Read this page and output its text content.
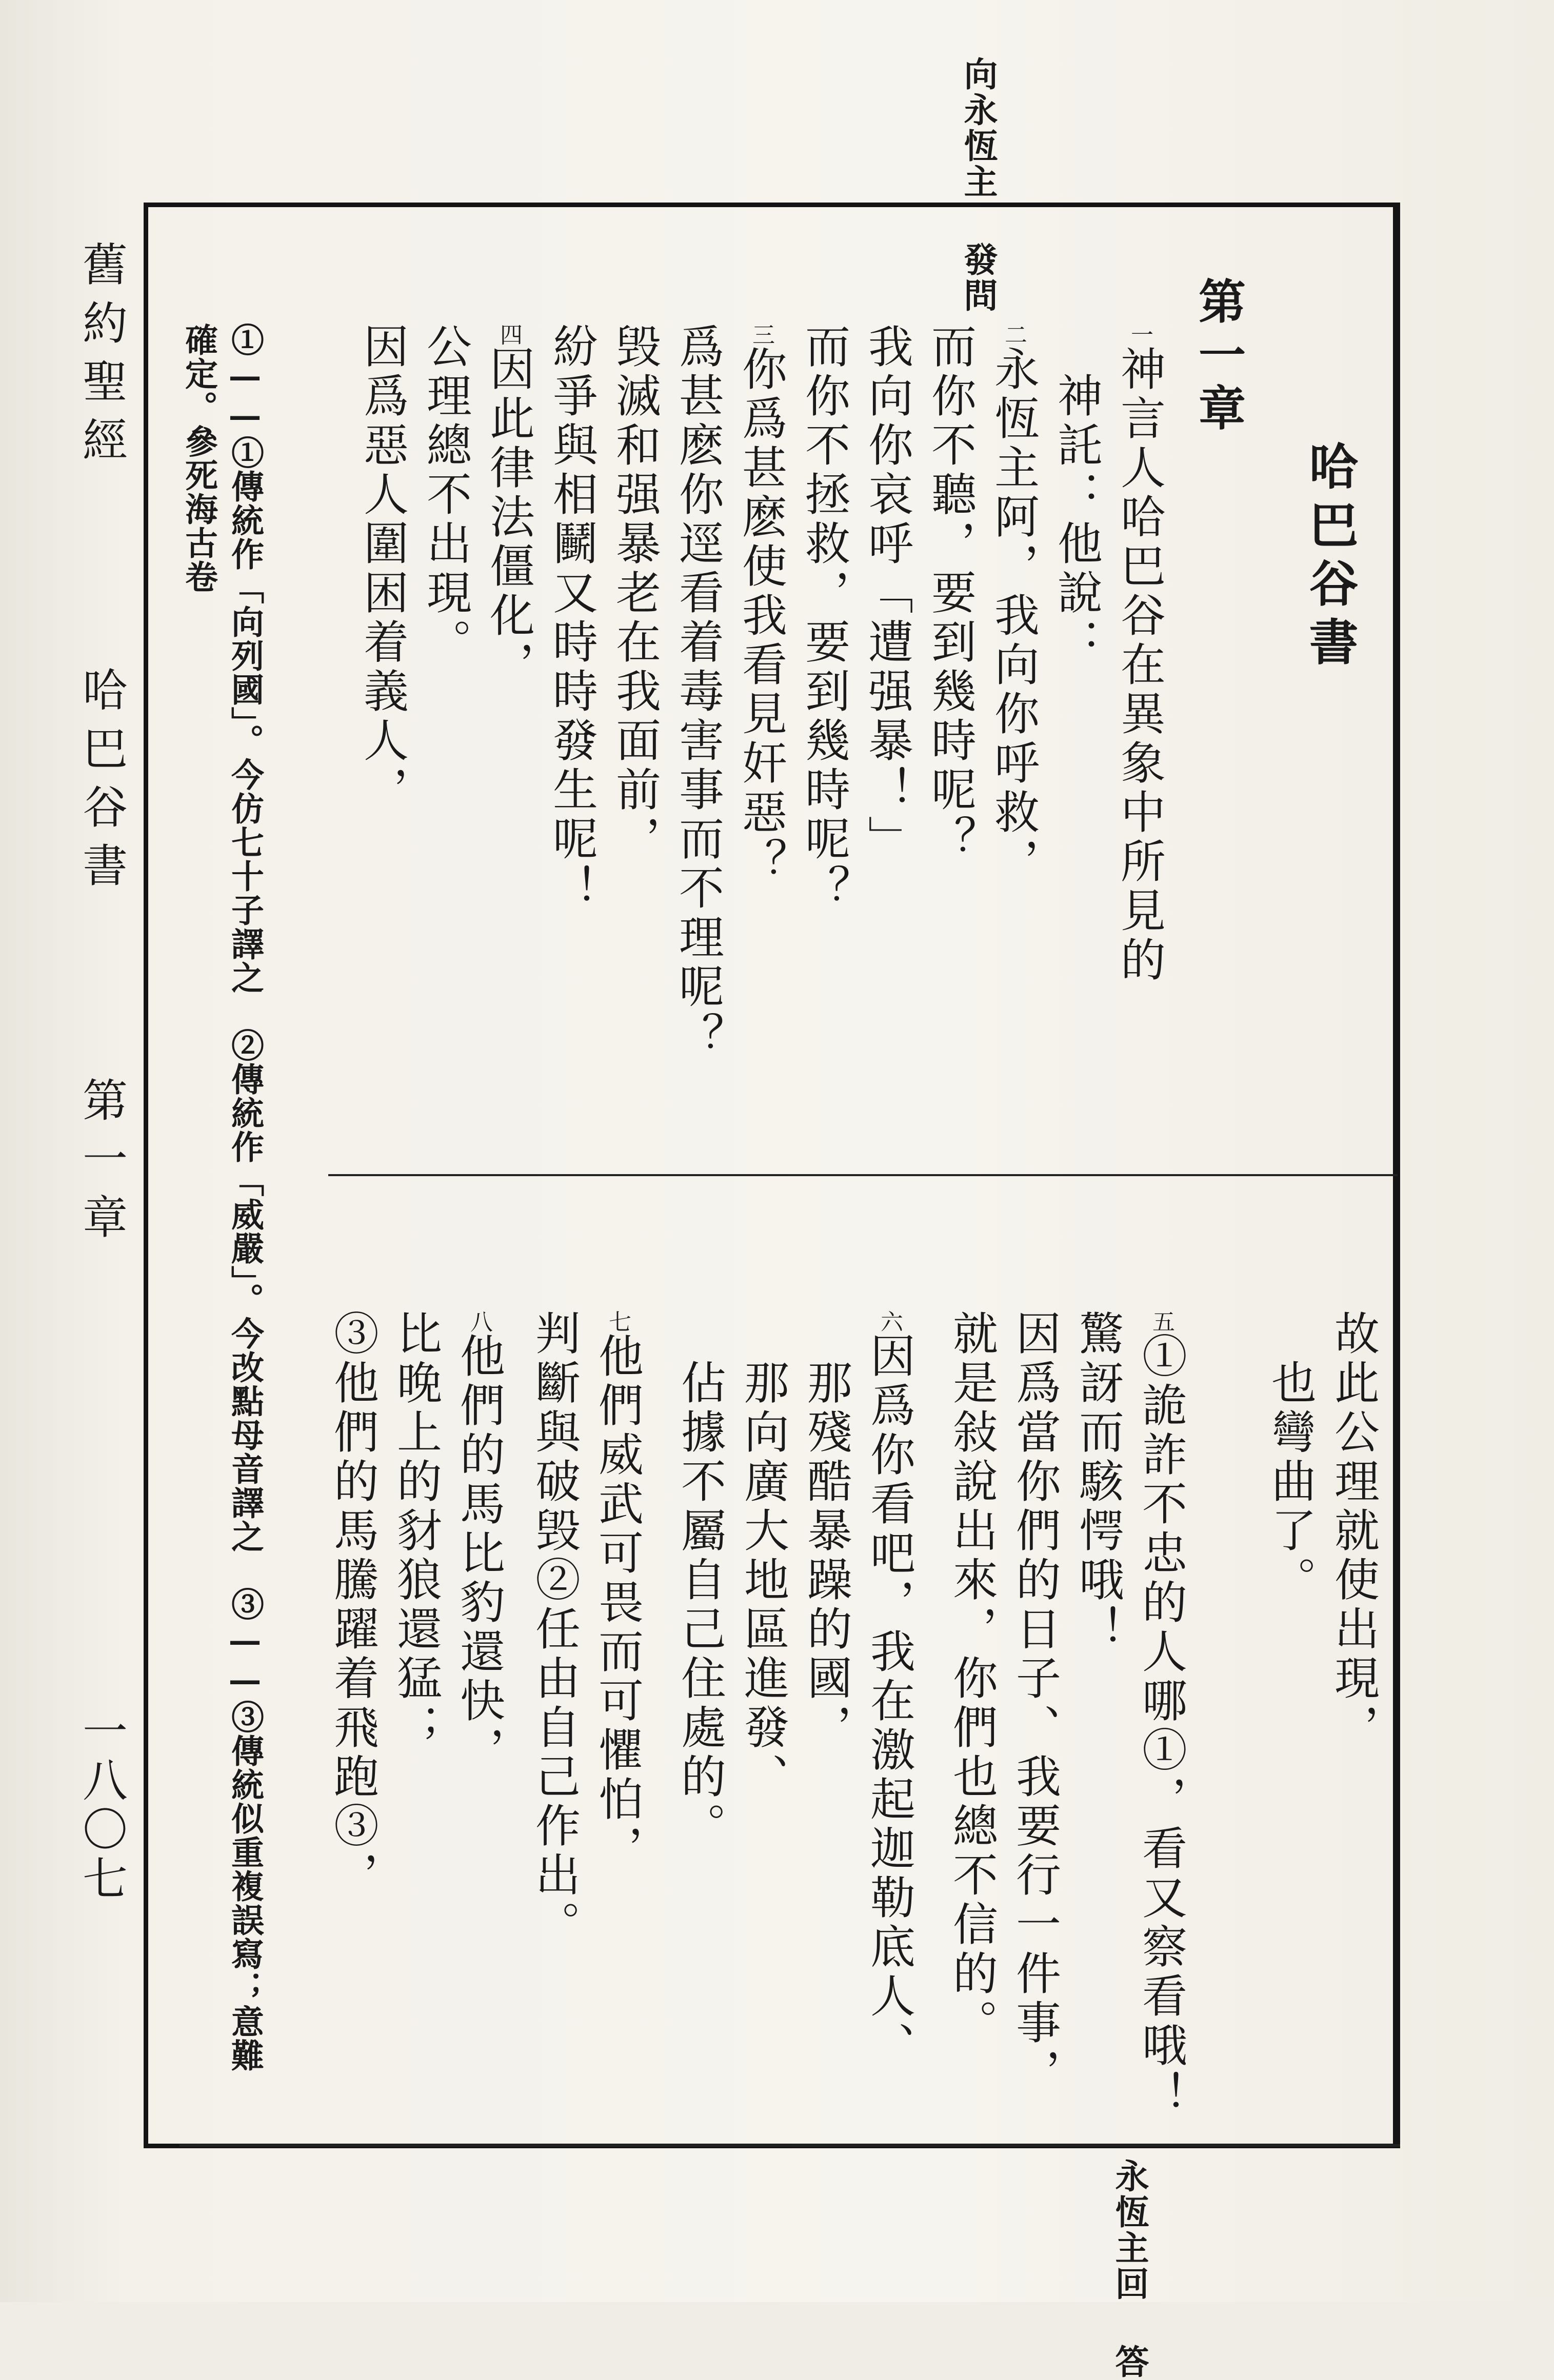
向永恆主 發問
舊約聖經
哈巴谷書
第一章
一八〇七
哈巴谷書
第一章
一神言人哈巴谷在異象中所見的
　神託：他說：
二永恆主阿，我向你呼救，
而你不聽，要到幾時呢？
我向你哀呼「遭强暴！」
而你不拯救，要到幾時呢？
三你爲甚麽使我看見奸惡？
爲甚麽你逕看着毒害事而不理呢？
毁滅和强暴老在我面前，
紛爭與相鬭又時時發生呢！
四因此律法僵化，
公理總不出現。
因爲惡人圍困着義人，
故此公理就使出現，
　也彎曲了。
五①詭詐不忠的人哪①，看又察看哦！
驚訝而駭愕哦！
因爲當你們的日子、我要行一件事，
就是敍說出來，你們也總不信的。
六因爲你看吧，我在激起迦勒底人、
　那殘酷暴躁的國，
　那向廣大地區進發、
　佔據不屬自己住處的。
七他們威武可畏而可懼怕，
判斷與破毁②任由自己作出。
八他們的馬比豹還快，
比晚上的豺狼還猛；
③他們的馬騰躍着飛跑③，
①——①傳統作「向列國」。今仿七十子譯之　②傳統作「威嚴」。今改點母音譯之　③——③傳統似重複誤寫；意難
確定。參死海古卷
永恆主回 答
